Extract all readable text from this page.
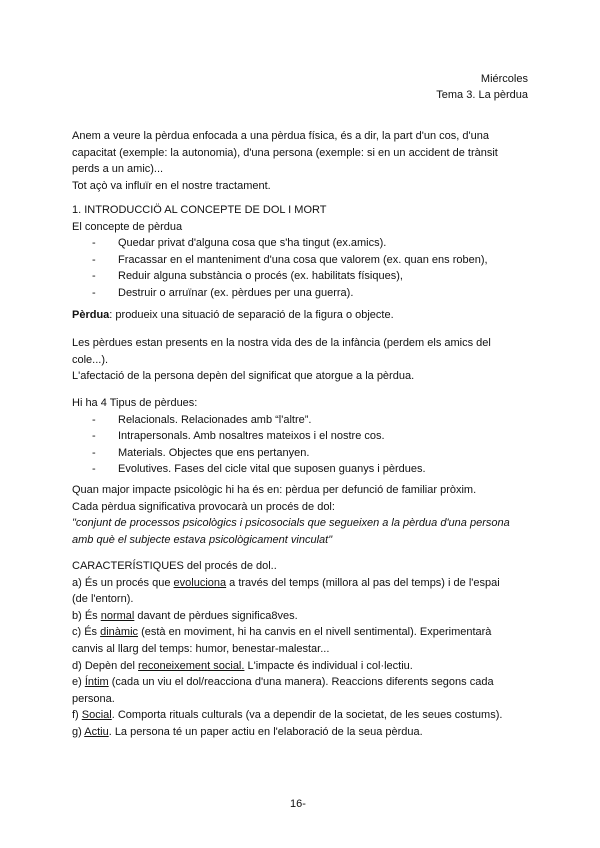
Miércoles
Tema 3. La pèrdua
Anem a veure la pèrdua enfocada a una pèrdua física, és a dir, la part d'un cos, d'una
capacitat (exemple: la autonomia), d'una persona (exemple: si en un accident de trànsit
perds a un amic)...
Tot açò va influïr en el nostre tractament.
1. INTRODUCCIÖ AL CONCEPTE DE DOL I MORT
El concepte de pèrdua
- Quedar privat d'alguna cosa que s'ha tingut (ex.amics).
- Fracassar en el manteniment d'una cosa que valorem (ex. quan ens roben),
- Reduir alguna substància o procés (ex. habilitats físiques),
- Destruir o arruïnar (ex. pèrdues per una guerra).
Pèrdua: produeix una situació de separació de la figura o objecte.
Les pèrdues estan presents en la nostra vida des de la infància (perdem els amics del
cole...).
L'afectació de la persona depèn del significat que atorgue a la pèrdua.
Hi ha 4 Tipus de pèrdues:
- Relacionals. Relacionades amb “l'altre”.
- Intrapersonals. Amb nosaltres mateixos i el nostre cos.
- Materials. Objectes que ens pertanyen.
- Evolutives. Fases del cicle vital que suposen guanys i pèrdues.
Quan major impacte psicològic hi ha és en: pèrdua per defunció de familiar pròxim.
Cada pèrdua significativa provocarà un procés de dol:
"conjunt de processos psicològics i psicosocials que segueixen a la pèrdua d'una persona
amb què el subjecte estava psicològicament vinculat"
CARACTERÍSTIQUES del procés de dol..
a) És un procés que evoluciona a través del temps (millora al pas del temps) i de l'espai
(de l'entorn).
b) És normal davant de pèrdues significa8ves.
c) És dinàmic (està en moviment, hi ha canvis en el nivell sentimental). Experimentarà
canvis al llarg del temps: humor, benestar-malestar...
d) Depèn del reconeixement social. L'impacte és individual i col·lectiu.
e) Íntim (cada un viu el dol/reacciona d'una manera). Reaccions diferents segons cada
persona.
f) Social. Comporta rituals culturals (va a dependir de la societat, de les seues costums).
g) Actiu. La persona té un paper actiu en l'elaboració de la seua pèrdua.
16-
